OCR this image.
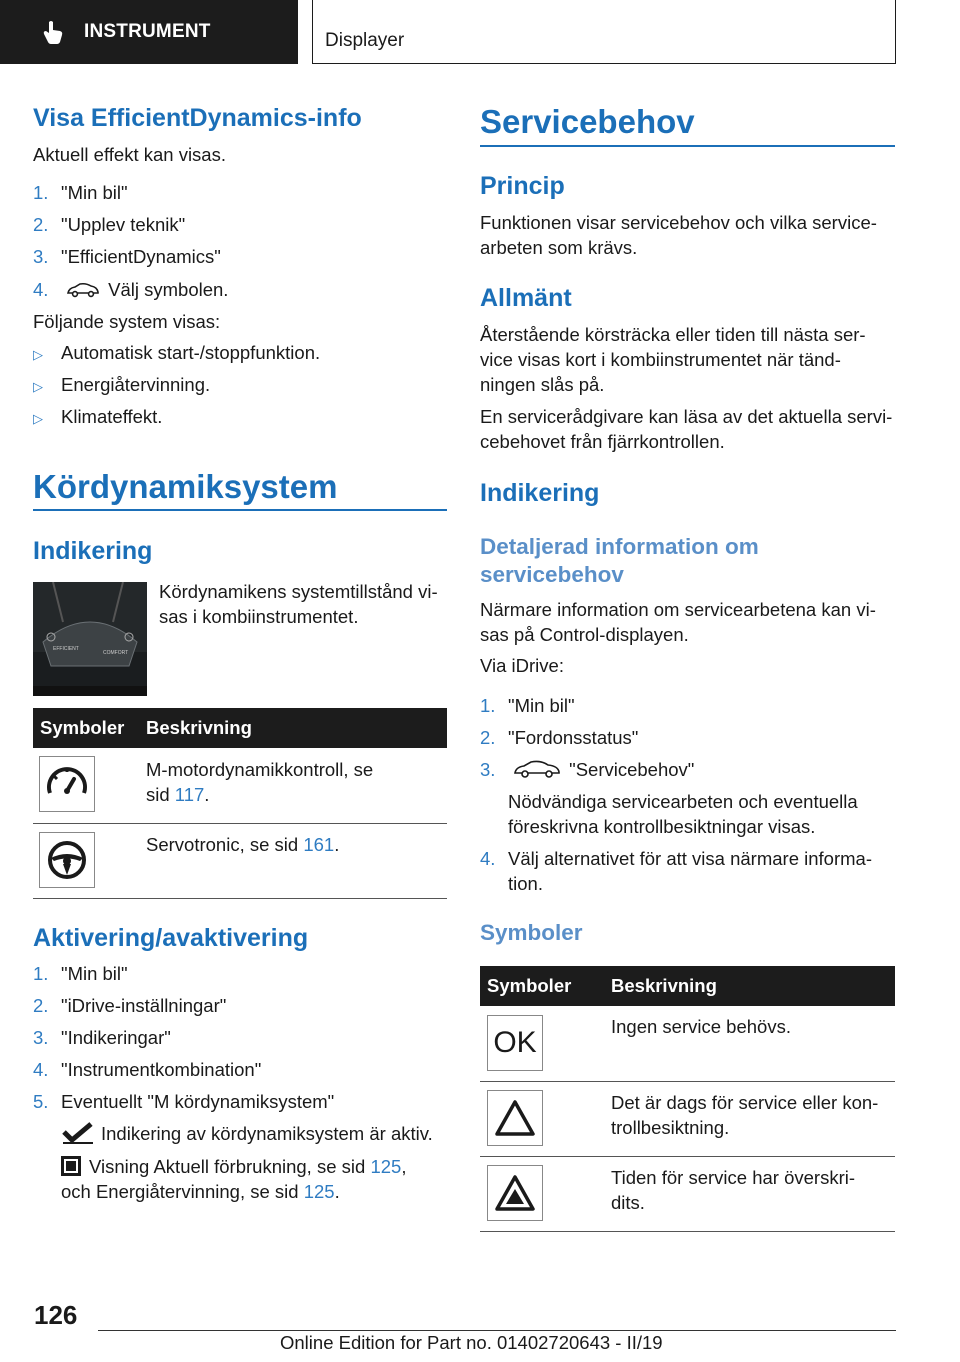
INSTRUMENT	Displayer
Visa EfficientDynamics-info
Aktuell effekt kan visas.
1. "Min bil"
2. "Upplev teknik"
3. "EfficientDynamics"
4.	Välj symbolen.
Följande system visas:
▷ Automatisk start-/stoppfunktion.
▷ Energiåtervinning.
▷ Klimateffekt.
Kördynamiksystem
Indikering
EFFICIENT
COMFORT
Kördynamikens systemtillstånd vi-
sas i kombiinstrumentet.
Symboler Beskrivning
M-motordynamikkontroll, se
sid 117.
Servotronic, se sid 161.
Aktivering/avaktivering
1. "Min bil"
2. "iDrive-inställningar"
3. "Indikeringar"
4. "Instrumentkombination"
5. Eventuellt "M kördynamiksystem"
Indikering av kördynamiksystem är aktiv.
Visning Aktuell förbrukning, se sid 125,
och Energiåtervinning, se sid 125.
Servicebehov
Princip
Funktionen visar servicebehov och vilka service-
arbeten som krävs.
Allmänt
Återstående körsträcka eller tiden till nästa ser-
vice visas kort i kombiinstrumentet när tänd-
ningen slås på.
En servicerådgivare kan läsa av det aktuella servi-
cebehovet från fjärrkontrollen.
Indikering
Detaljerad information om
servicebehov
Närmare information om servicearbetena kan vi-
sas på Control-displayen.
Via iDrive:
1. "Min bil"
2. "Fordonsstatus"
3.	"Servicebehov"
Nödvändiga servicearbeten och eventuella
föreskrivna kontrollbesiktningar visas.
4. Välj alternativet för att visa närmare informa-
tion.
Symboler
Symboler Beskrivning
OK	Ingen service behövs.
Det är dags för service eller kon-
trollbesiktning.
Tiden för service har överskri-
dits.
126
Online Edition for Part no. 01402720643 - II/19
